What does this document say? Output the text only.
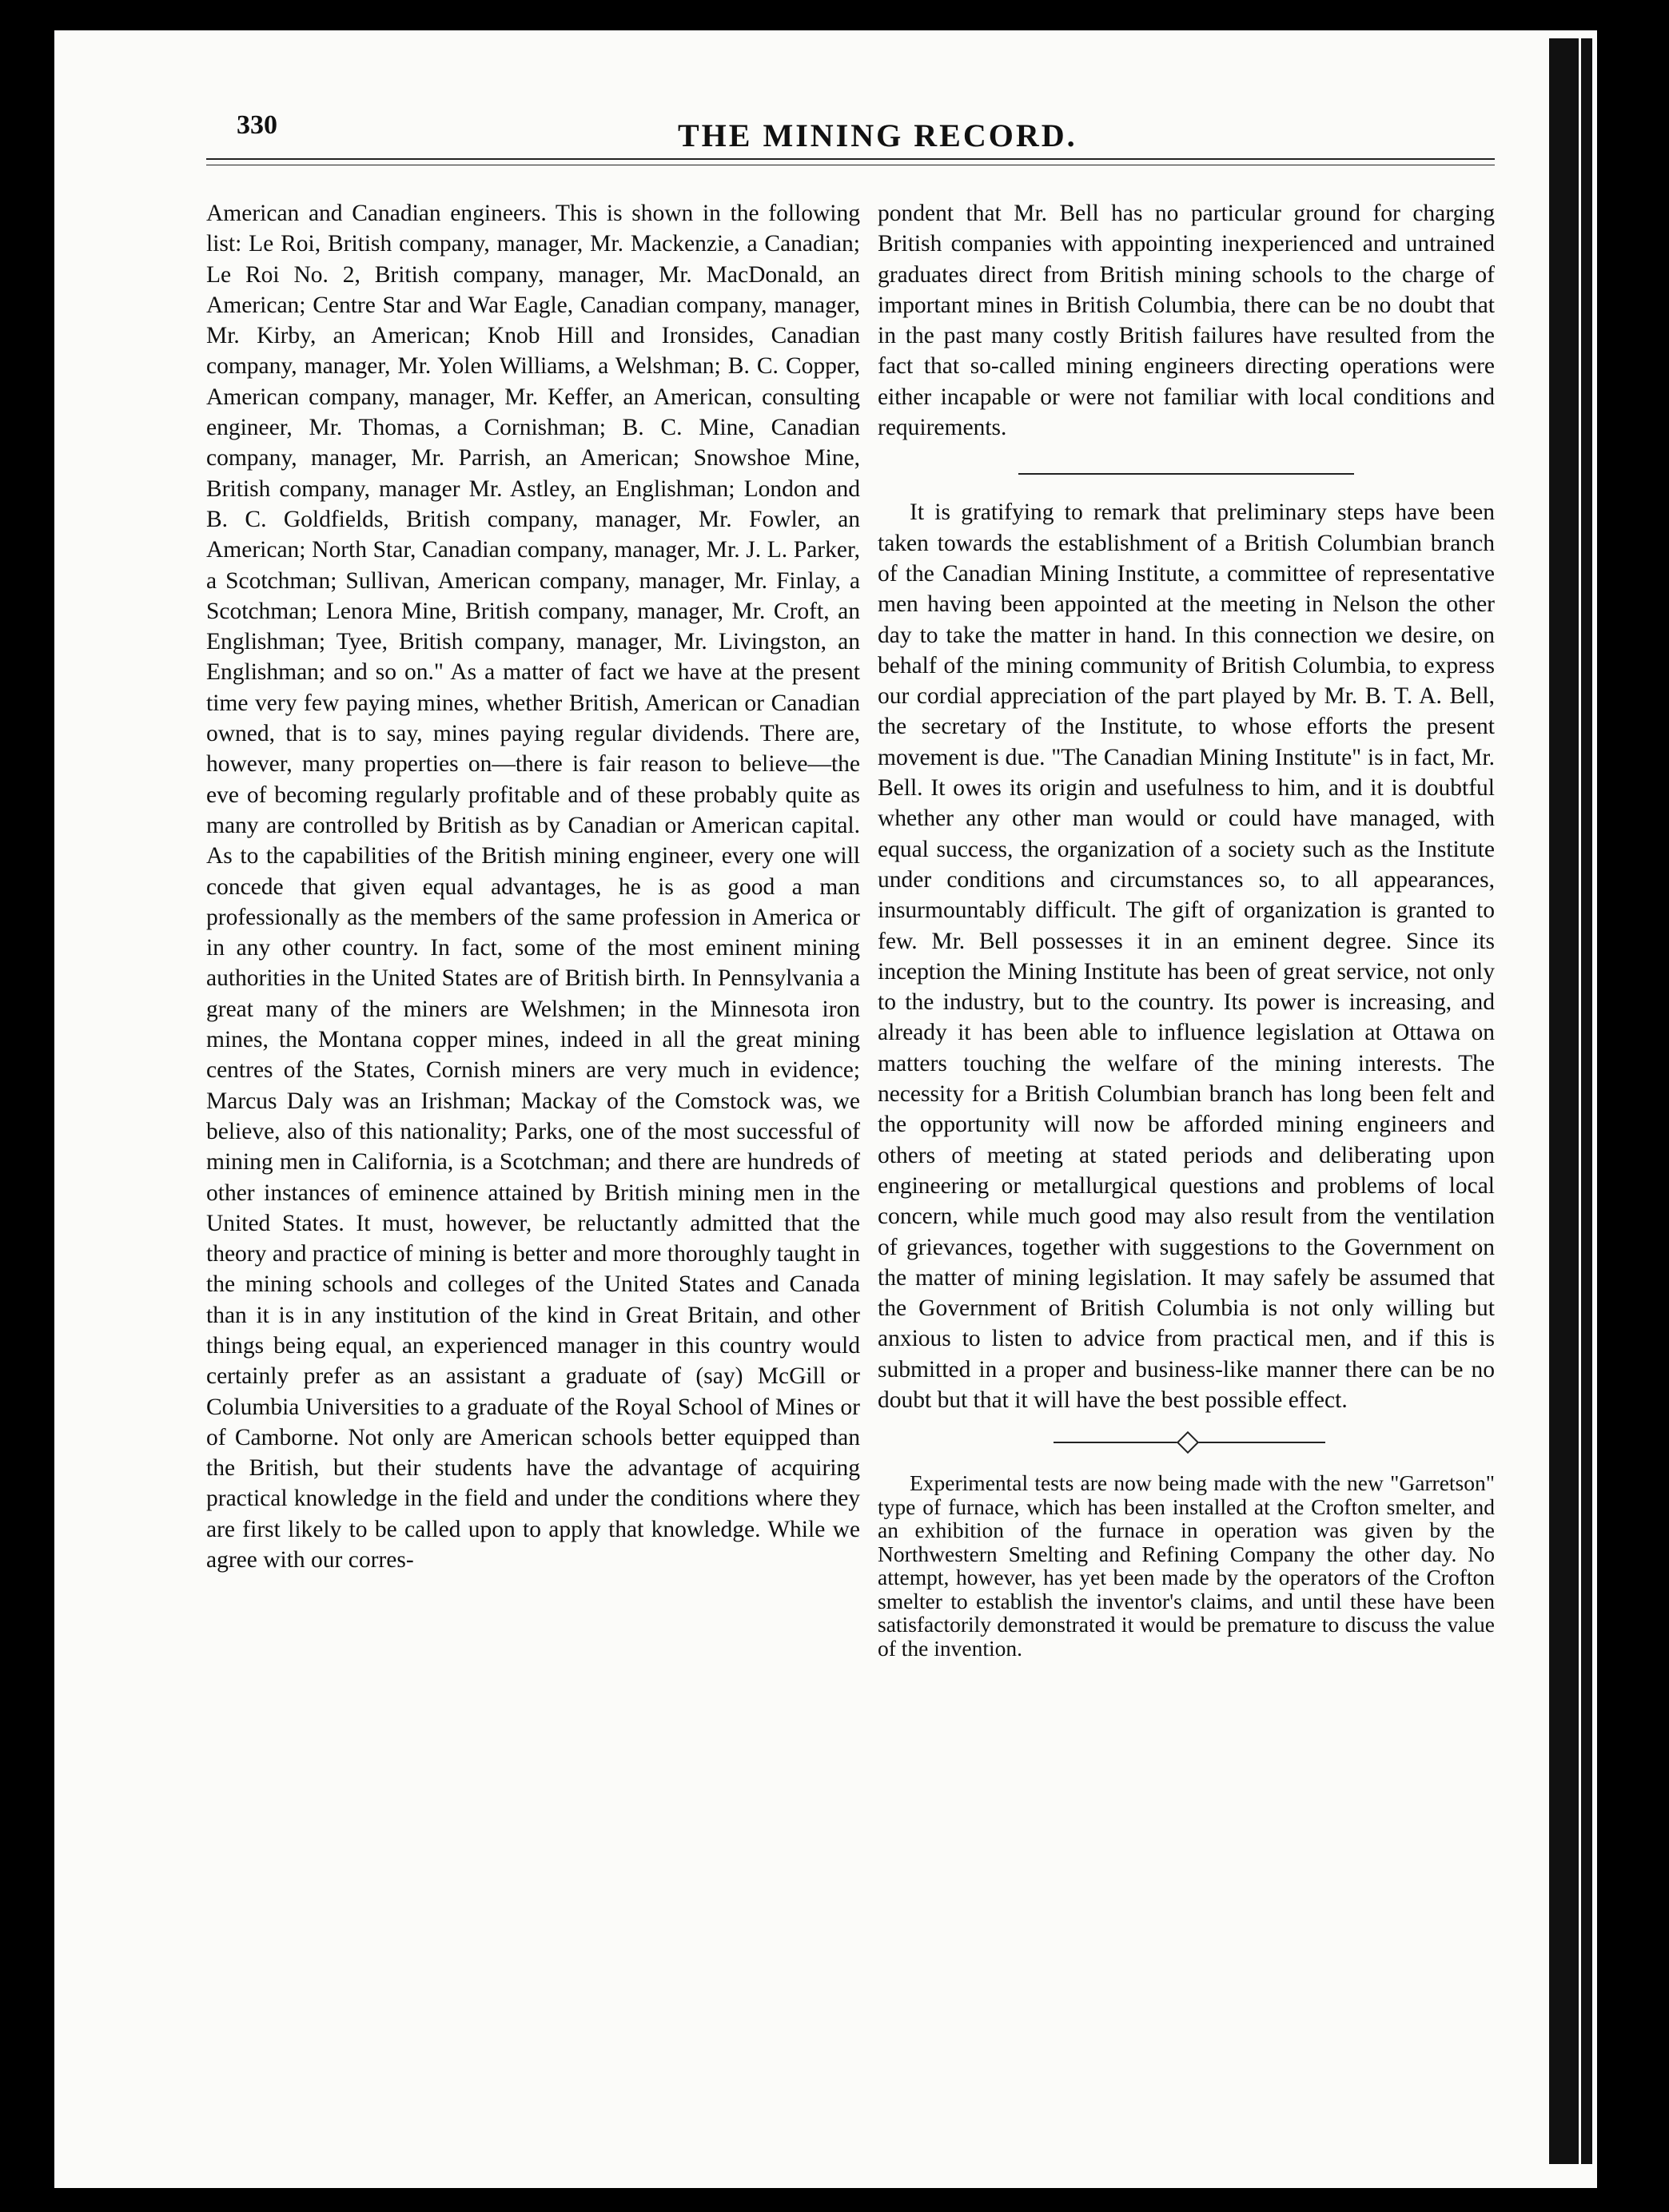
330	THE MINING RECORD.

American and Canadian engineers. This is shown in the following list: Le Roi, British company, manager, Mr. Mackenzie, a Canadian; Le Roi No. 2, British company, manager, Mr. MacDonald, an American; Centre Star and War Eagle, Canadian company, manager, Mr. Kirby, an American; Knob Hill and Ironsides, Canadian company, manager, Mr. Yolen Williams, a Welshman; B. C. Copper, American company, manager, Mr. Keffer, an American, consulting engineer, Mr. Thomas, a Cornishman; B. C. Mine, Canadian company, manager, Mr. Parrish, an American; Snowshoe Mine, British company, manager Mr. Astley, an Englishman; London and B. C. Goldfields, British company, manager, Mr. Fowler, an American; North Star, Canadian company, manager, Mr. J. L. Parker, a Scotchman; Sullivan, American company, manager, Mr. Finlay, a Scotchman; Lenora Mine, British company, manager, Mr. Croft, an Englishman; Tyee, British company, manager, Mr. Livingston, an Englishman; and so on." As a matter of fact we have at the present time very few paying mines, whether British, American or Canadian owned, that is to say, mines paying regular dividends. There are, however, many properties on—there is fair reason to believe—the eve of becoming regularly profitable and of these probably quite as many are controlled by British as by Canadian or American capital. As to the capabilities of the British mining engineer, every one will concede that given equal advantages, he is as good a man professionally as the members of the same profession in America or in any other country. In fact, some of the most eminent mining authorities in the United States are of British birth. In Pennsylvania a great many of the miners are Welshmen; in the Minnesota iron mines, the Montana copper mines, indeed in all the great mining centres of the States, Cornish miners are very much in evidence; Marcus Daly was an Irishman; Mackay of the Comstock was, we believe, also of this nationality; Parks, one of the most successful of mining men in California, is a Scotchman; and there are hundreds of other instances of eminence attained by British mining men in the United States. It must, however, be reluctantly admitted that the theory and practice of mining is better and more thoroughly taught in the mining schools and colleges of the United States and Canada than it is in any institution of the kind in Great Britain, and other things being equal, an experienced manager in this country would certainly prefer as an assistant a graduate of (say) McGill or Columbia Universities to a graduate of the Royal School of Mines or of Camborne. Not only are American schools better equipped than the British, but their students have the advantage of acquiring practical knowledge in the field and under the conditions where they are first likely to be called upon to apply that knowledge. While we agree with our corres-

pondent that Mr. Bell has no particular ground for charging British companies with appointing inexperienced and untrained graduates direct from British mining schools to the charge of important mines in British Columbia, there can be no doubt that in the past many costly British failures have resulted from the fact that so-called mining engineers directing operations were either incapable or were not familiar with local conditions and requirements.

It is gratifying to remark that preliminary steps have been taken towards the establishment of a British Columbian branch of the Canadian Mining Institute, a committee of representative men having been appointed at the meeting in Nelson the other day to take the matter in hand. In this connection we desire, on behalf of the mining community of British Columbia, to express our cordial appreciation of the part played by Mr. B. T. A. Bell, the secretary of the Institute, to whose efforts the present movement is due. "The Canadian Mining Institute" is in fact, Mr. Bell. It owes its origin and usefulness to him, and it is doubtful whether any other man would or could have managed, with equal success, the organization of a society such as the Institute under conditions and circumstances so, to all appearances, insurmountably difficult. The gift of organization is granted to few. Mr. Bell possesses it in an eminent degree. Since its inception the Mining Institute has been of great service, not only to the industry, but to the country. Its power is increasing, and already it has been able to influence legislation at Ottawa on matters touching the welfare of the mining interests. The necessity for a British Columbian branch has long been felt and the opportunity will now be afforded mining engineers and others of meeting at stated periods and deliberating upon engineering or metallurgical questions and problems of local concern, while much good may also result from the ventilation of grievances, together with suggestions to the Government on the matter of mining legislation. It may safely be assumed that the Government of British Columbia is not only willing but anxious to listen to advice from practical men, and if this is submitted in a proper and business-like manner there can be no doubt but that it will have the best possible effect.

Experimental tests are now being made with the new "Garretson" type of furnace, which has been installed at the Crofton smelter, and an exhibition of the furnace in operation was given by the Northwestern Smelting and Refining Company the other day. No attempt, however, has yet been made by the operators of the Crofton smelter to establish the inventor's claims, and until these have been satisfactorily demonstrated it would be premature to discuss the value of the invention.
